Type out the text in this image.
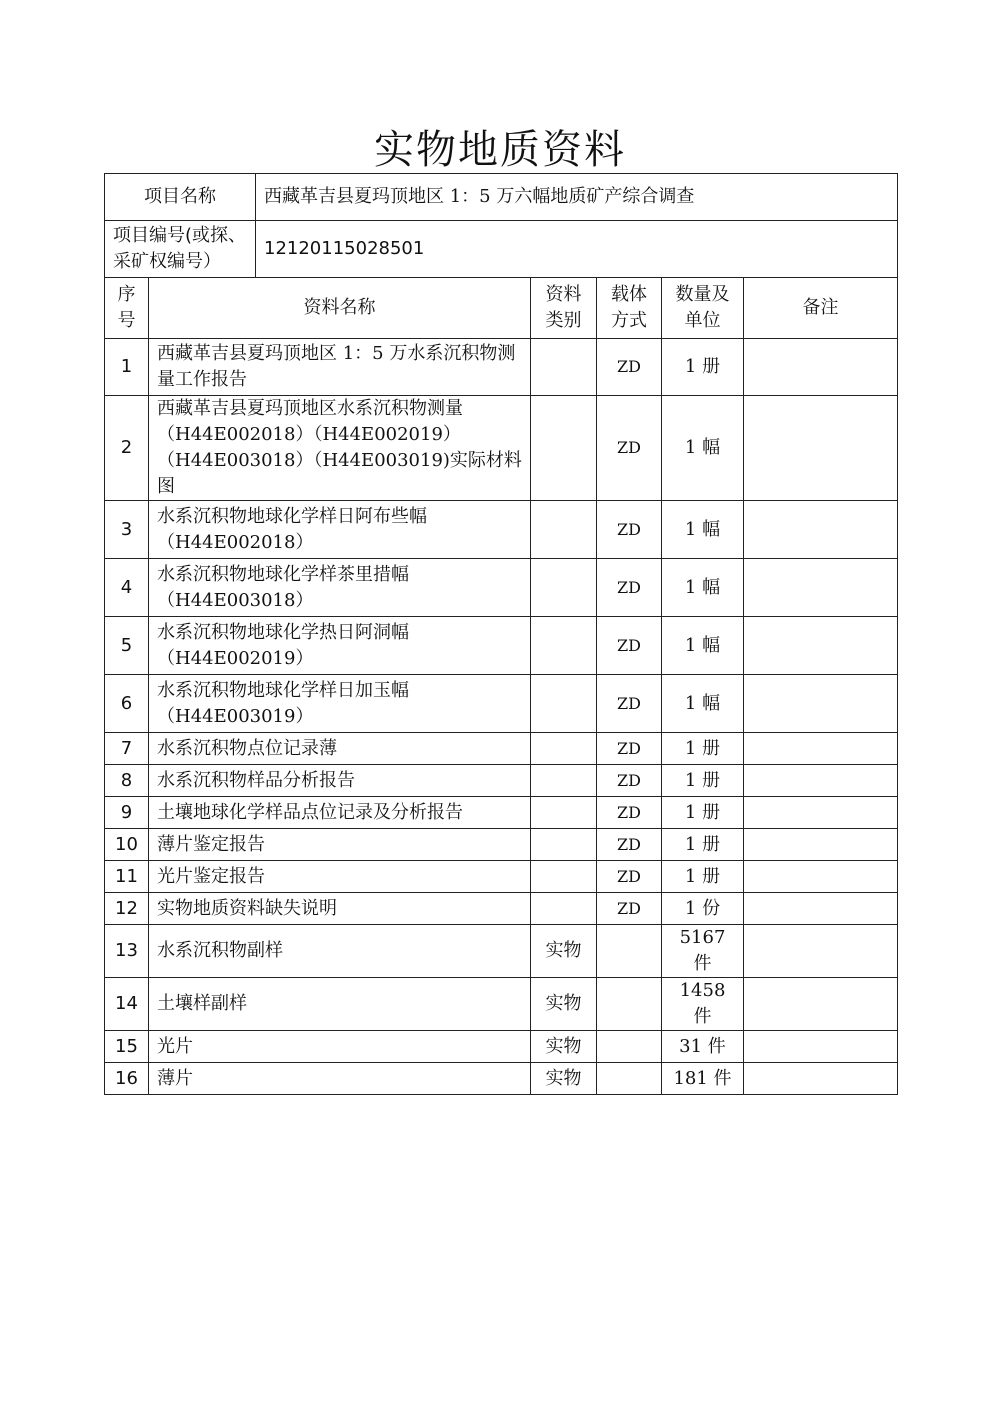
实物地质资料
项目名称		西藏革吉县夏玛顶地区 1：5 万六幅地质矿产综合调查				
项目编号(或探、采矿权编号）		12120115028501				
序号	资料名称		资料类别	载体方式	数量及单位	备注
1	西藏革吉县夏玛顶地区 1：5 万水系沉积物测量工作报告			ZD	1 册	
2	西藏革吉县夏玛顶地区水系沉积物测量（H44E002018）（H44E002019）（H44E003018）（H44E003019)实际材料图			ZD	1 幅	
3	水系沉积物地球化学样日阿布些幅（H44E002018）			ZD	1 幅	
4	水系沉积物地球化学样茶里措幅（H44E003018）			ZD	1 幅	
5	水系沉积物地球化学热日阿洞幅（H44E002019）			ZD	1 幅	
6	水系沉积物地球化学样日加玉幅（H44E003019）			ZD	1 幅	
7	水系沉积物点位记录薄			ZD	1 册	
8	水系沉积物样品分析报告			ZD	1 册	
9	土壤地球化学样品点位记录及分析报告			ZD	1 册	
10	薄片鉴定报告			ZD	1 册	
11	光片鉴定报告			ZD	1 册	
12	实物地质资料缺失说明			ZD	1 份	
13	水系沉积物副样		实物		5167 件	
14	土壤样副样		实物		1458 件	
15	光片		实物		31 件	
16	薄片		实物		181 件	
